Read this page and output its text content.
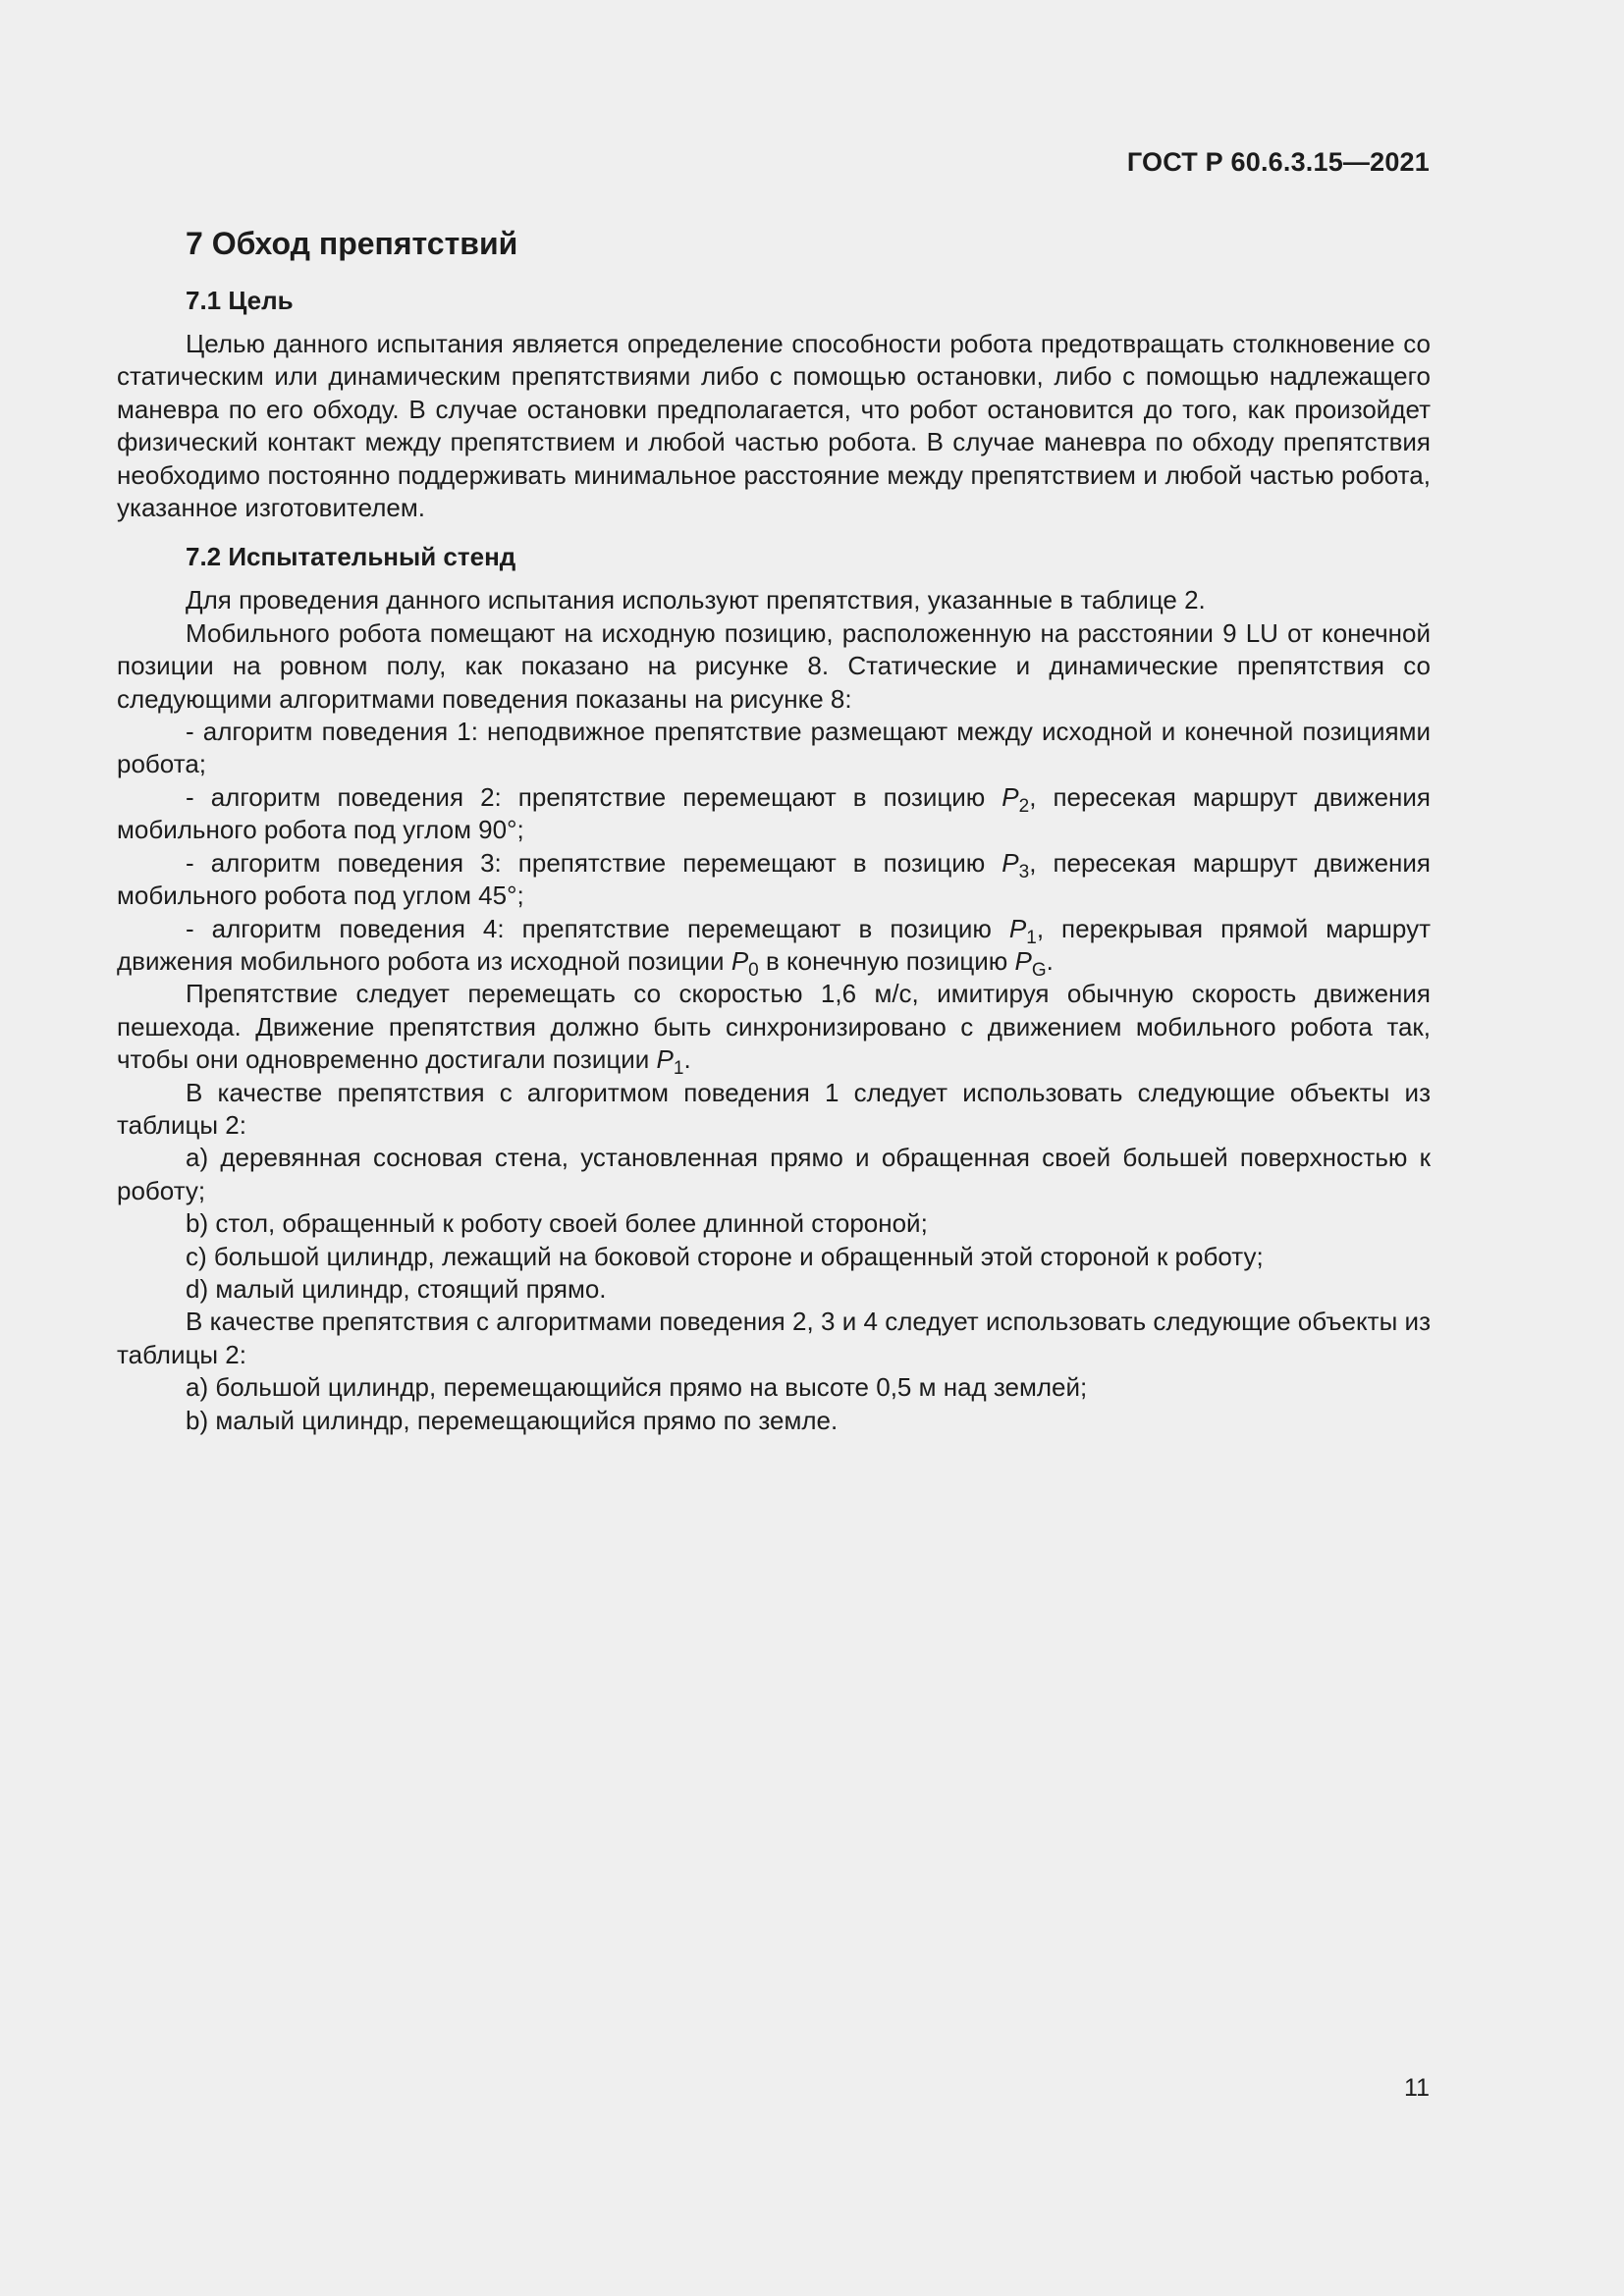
ГОСТ Р 60.6.3.15—2021
7 Обход препятствий
7.1 Цель

Целью данного испытания является определение способности робота предотвращать столкновение со статическим или динамическим препятствиями либо с помощью остановки, либо с помощью надлежащего маневра по его обходу. В случае остановки предполагается, что робот остановится до того, как произойдет физический контакт между препятствием и любой частью робота. В случае маневра по обходу препятствия необходимо постоянно поддерживать минимальное расстояние между препятствием и любой частью робота, указанное изготовителем.

7.2 Испытательный стенд

Для проведения данного испытания используют препятствия, указанные в таблице 2.

Мобильного робота помещают на исходную позицию, расположенную на расстоянии 9 LU от конечной позиции на ровном полу, как показано на рисунке 8. Статические и динамические препятствия со следующими алгоритмами поведения показаны на рисунке 8:

- алгоритм поведения 1: неподвижное препятствие размещают между исходной и конечной позициями робота;

- алгоритм поведения 2: препятствие перемещают в позицию $P_2$, пересекая маршрут движения мобильного робота под углом 90°;

- алгоритм поведения 3: препятствие перемещают в позицию $P_3$, пересекая маршрут движения мобильного робота под углом 45°;

- алгоритм поведения 4: препятствие перемещают в позицию $P_1$, перекрывая прямой маршрут движения мобильного робота из исходной позиции $P_0$ в конечную позицию $P_G$.

Препятствие следует перемещать со скоростью 1,6 м/с, имитируя обычную скорость движения пешехода. Движение препятствия должно быть синхронизировано с движением мобильного робота так, чтобы они одновременно достигали позиции $P_1$.

В качестве препятствия с алгоритмом поведения 1 следует использовать следующие объекты из таблицы 2:

a) деревянная сосновая стена, установленная прямо и обращенная своей большей поверхностью к роботу;

b) стол, обращенный к роботу своей более длинной стороной;

c) большой цилиндр, лежащий на боковой стороне и обращенный этой стороной к роботу;

d) малый цилиндр, стоящий прямо.

В качестве препятствия с алгоритмами поведения 2, 3 и 4 следует использовать следующие объекты из таблицы 2:

a) большой цилиндр, перемещающийся прямо на высоте 0,5 м над землей;

b) малый цилиндр, перемещающийся прямо по земле.

11
